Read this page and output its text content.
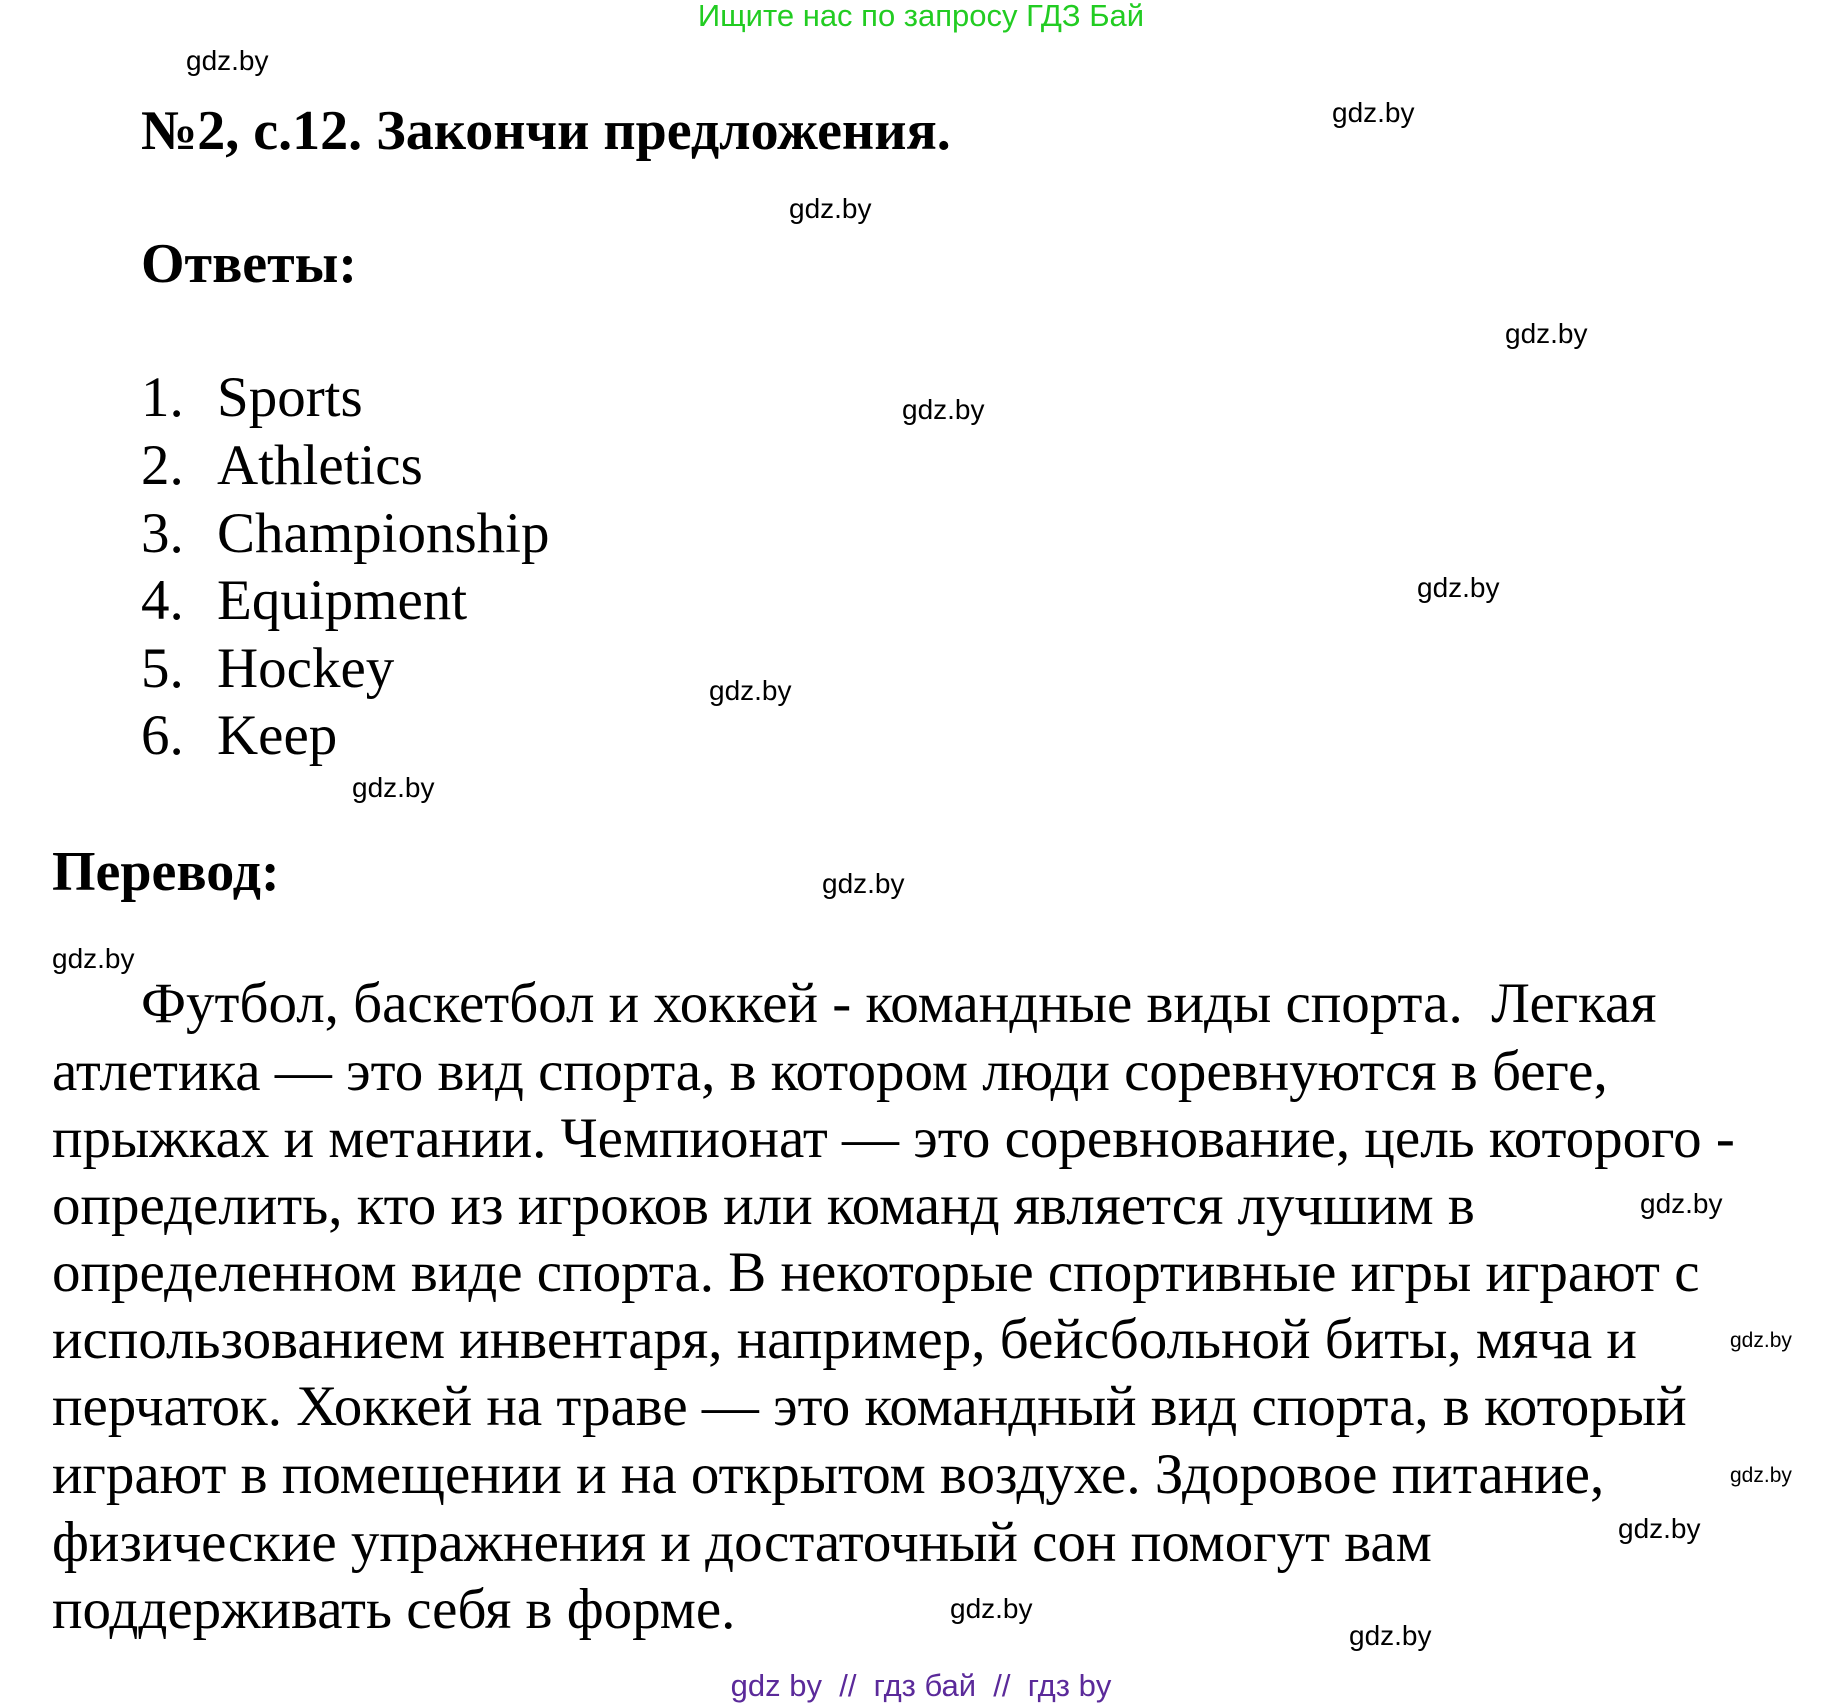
Ищите нас по запросу ГДЗ Бай
№2, с.12. Закончи предложения.
Ответы:
1. Sports
2. Athletics
3. Championship
4. Equipment
5. Hockey
6. Keep
Перевод:
Футбол, баскетбол и хоккей - командные виды спорта.  Легкая
атлетика — это вид спорта, в котором люди соревнуются в беге,
прыжках и метании. Чемпионат — это соревнование, цель которого -
определить, кто из игроков или команд является лучшим в
определенном виде спорта. В некоторые спортивные игры играют с
использованием инвентаря, например, бейсбольной биты, мяча и
перчаток. Хоккей на траве — это командный вид спорта, в который
играют в помещении и на открытом воздухе. Здоровое питание,
физические упражнения и достаточный сон помогут вам
поддерживать себя в форме.
gdz.by
gdz.by
gdz.by
gdz.by
gdz.by
gdz.by
gdz.by
gdz.by
gdz.by
gdz.by
gdz.by
gdz.by
gdz.by
gdz.by
gdz.by
gdz.by
gdz by  //  гдз бай  //  гдз by
